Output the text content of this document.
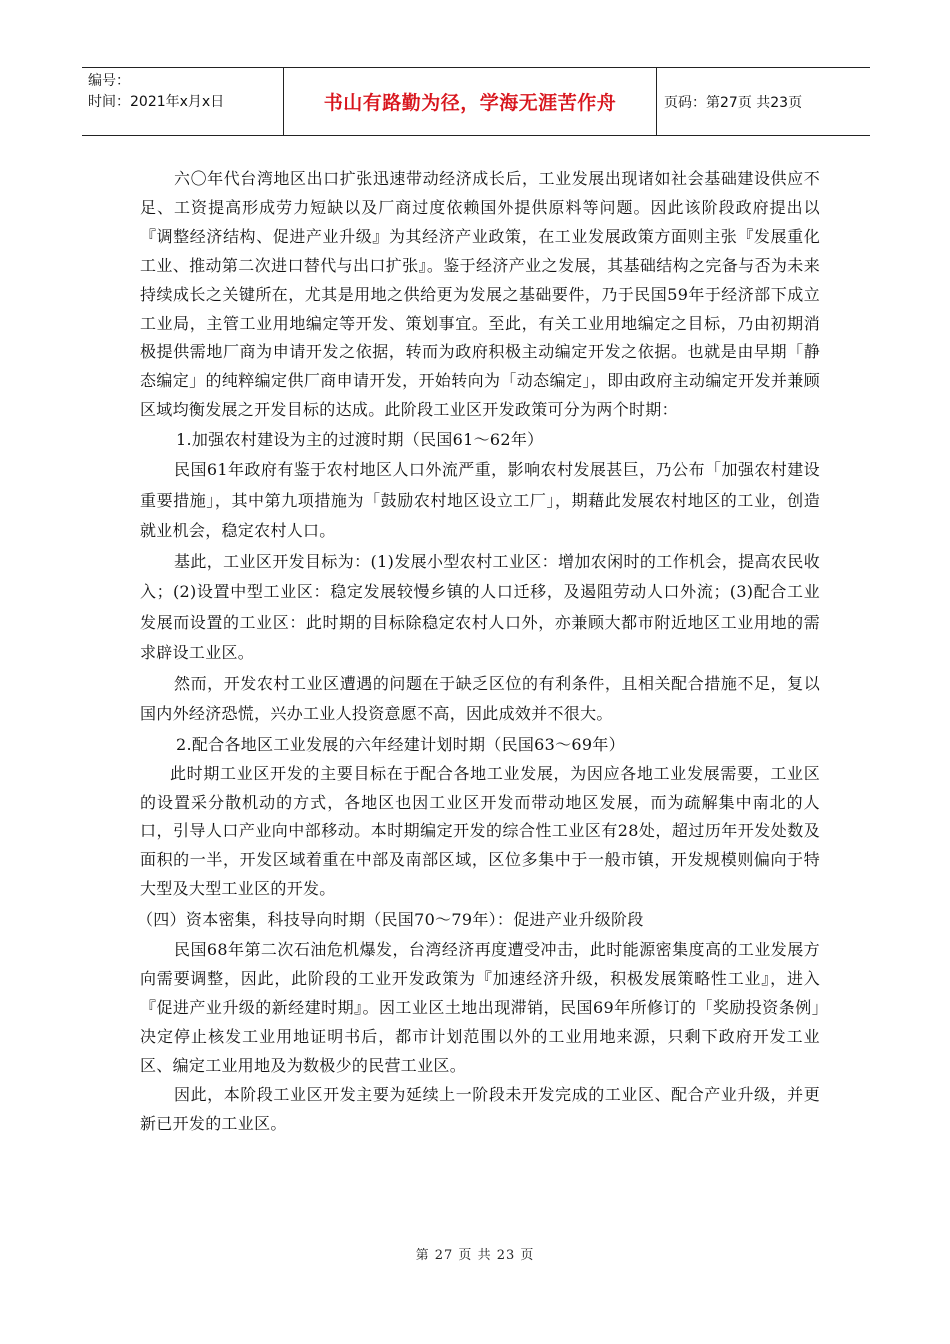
编号：
时间：2021年x月x日	书山有路勤为径，学海无涯苦作舟	页码：第27页 共23页

六〇年代台湾地区出口扩张迅速带动经济成长后，工业发展出现诸如社会基础建设供应不足、工资提高形成劳力短缺以及厂商过度依赖国外提供原料等问题。因此该阶段政府提出以『调整经济结构、促进产业升级』为其经济产业政策，在工业发展政策方面则主张『发展重化工业、推动第二次进口替代与出口扩张』。鉴于经济产业之发展，其基础结构之完备与否为未来持续成长之关键所在，尤其是用地之供给更为发展之基础要件，乃于民国59年于经济部下成立工业局，主管工业用地编定等开发、策划事宜。至此，有关工业用地编定之目标，乃由初期消极提供需地厂商为申请开发之依据，转而为政府积极主动编定开发之依据。也就是由早期「静态编定」的纯粹编定供厂商申请开发，开始转向为「动态编定」，即由政府主动编定开发并兼顾区域均衡发展之开发目标的达成。此阶段工业区开发政策可分为两个时期：

1.加强农村建设为主的过渡时期（民国61～62年）

民国61年政府有鉴于农村地区人口外流严重，影响农村发展甚巨，乃公布「加强农村建设重要措施」，其中第九项措施为「鼓励农村地区设立工厂」，期藉此发展农村地区的工业，创造就业机会，稳定农村人口。

基此，工业区开发目标为：(1)发展小型农村工业区：增加农闲时的工作机会，提高农民收入；(2)设置中型工业区：稳定发展较慢乡镇的人口迁移，及遏阻劳动人口外流；(3)配合工业发展而设置的工业区：此时期的目标除稳定农村人口外，亦兼顾大都市附近地区工业用地的需求辟设工业区。

然而，开发农村工业区遭遇的问题在于缺乏区位的有利条件，且相关配合措施不足，复以国内外经济恐慌，兴办工业人投资意愿不高，因此成效并不很大。

2.配合各地区工业发展的六年经建计划时期（民国63～69年）

此时期工业区开发的主要目标在于配合各地工业发展，为因应各地工业发展需要，工业区的设置采分散机动的方式，各地区也因工业区开发而带动地区发展，而为疏解集中南北的人口，引导人口产业向中部移动。本时期编定开发的综合性工业区有28处，超过历年开发处数及面积的一半，开发区域着重在中部及南部区域，区位多集中于一般市镇，开发规模则偏向于特大型及大型工业区的开发。

（四）资本密集，科技导向时期（民国70～79年）：促进产业升级阶段

民国68年第二次石油危机爆发，台湾经济再度遭受冲击，此时能源密集度高的工业发展方向需要调整，因此，此阶段的工业开发政策为『加速经济升级，积极发展策略性工业』，进入『促进产业升级的新经建时期』。因工业区土地出现滞销，民国69年所修订的「奖励投资条例」决定停止核发工业用地证明书后，都市计划范围以外的工业用地来源，只剩下政府开发工业区、编定工业用地及为数极少的民营工业区。

因此，本阶段工业区开发主要为延续上一阶段未开发完成的工业区、配合产业升级，并更新已开发的工业区。

第 27 页 共 23 页
